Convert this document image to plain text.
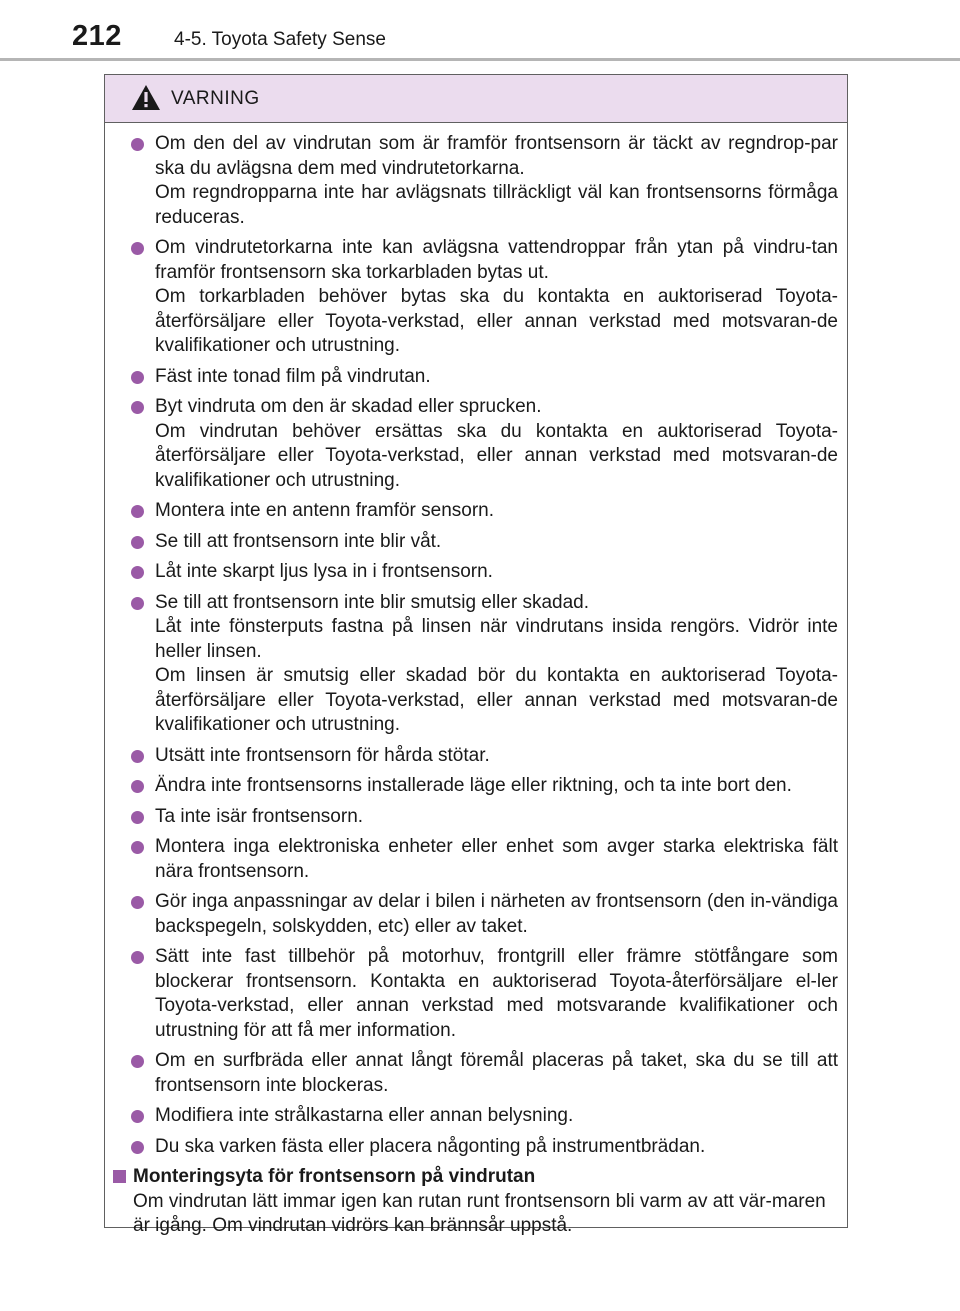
212	4-5. Toyota Safety Sense
VARNING
Om den del av vindrutan som är framför frontsensorn är täckt av regndrop-par ska du avlägsna dem med vindrutetorkarna.
Om regndropparna inte har avlägsnats tillräckligt väl kan frontsensorns förmåga reduceras.
Om vindrutetorkarna inte kan avlägsna vattendroppar från ytan på vindru-tan framför frontsensorn ska torkarbladen bytas ut.
Om torkarbladen behöver bytas ska du kontakta en auktoriserad Toyota-återförsäljare eller Toyota-verkstad, eller annan verkstad med motsvaran-de kvalifikationer och utrustning.
Fäst inte tonad film på vindrutan.
Byt vindruta om den är skadad eller sprucken.
Om vindrutan behöver ersättas ska du kontakta en auktoriserad Toyota-återförsäljare eller Toyota-verkstad, eller annan verkstad med motsvaran-de kvalifikationer och utrustning.
Montera inte en antenn framför sensorn.
Se till att frontsensorn inte blir våt.
Låt inte skarpt ljus lysa in i frontsensorn.
Se till att frontsensorn inte blir smutsig eller skadad.
Låt inte fönsterputs fastna på linsen när vindrutans insida rengörs. Vidrör inte heller linsen.
Om linsen är smutsig eller skadad bör du kontakta en auktoriserad Toyota-återförsäljare eller Toyota-verkstad, eller annan verkstad med motsvaran-de kvalifikationer och utrustning.
Utsätt inte frontsensorn för hårda stötar.
Ändra inte frontsensorns installerade läge eller riktning, och ta inte bort den.
Ta inte isär frontsensorn.
Montera inga elektroniska enheter eller enhet som avger starka elektriska fält nära frontsensorn.
Gör inga anpassningar av delar i bilen i närheten av frontsensorn (den in-vändiga backspegeln, solskydden, etc) eller av taket.
Sätt inte fast tillbehör på motorhuv, frontgrill eller främre stötfångare som blockerar frontsensorn. Kontakta en auktoriserad Toyota-återförsäljare el-ler Toyota-verkstad, eller annan verkstad med motsvarande kvalifikationer och utrustning för att få mer information.
Om en surfbräda eller annat långt föremål placeras på taket, ska du se till att frontsensorn inte blockeras.
Modifiera inte strålkastarna eller annan belysning.
Du ska varken fästa eller placera någonting på instrumentbrädan.
Monteringsyta för frontsensorn på vindrutan
Om vindrutan lätt immar igen kan rutan runt frontsensorn bli varm av att vär-maren är igång. Om vindrutan vidrörs kan brännsår uppstå.
